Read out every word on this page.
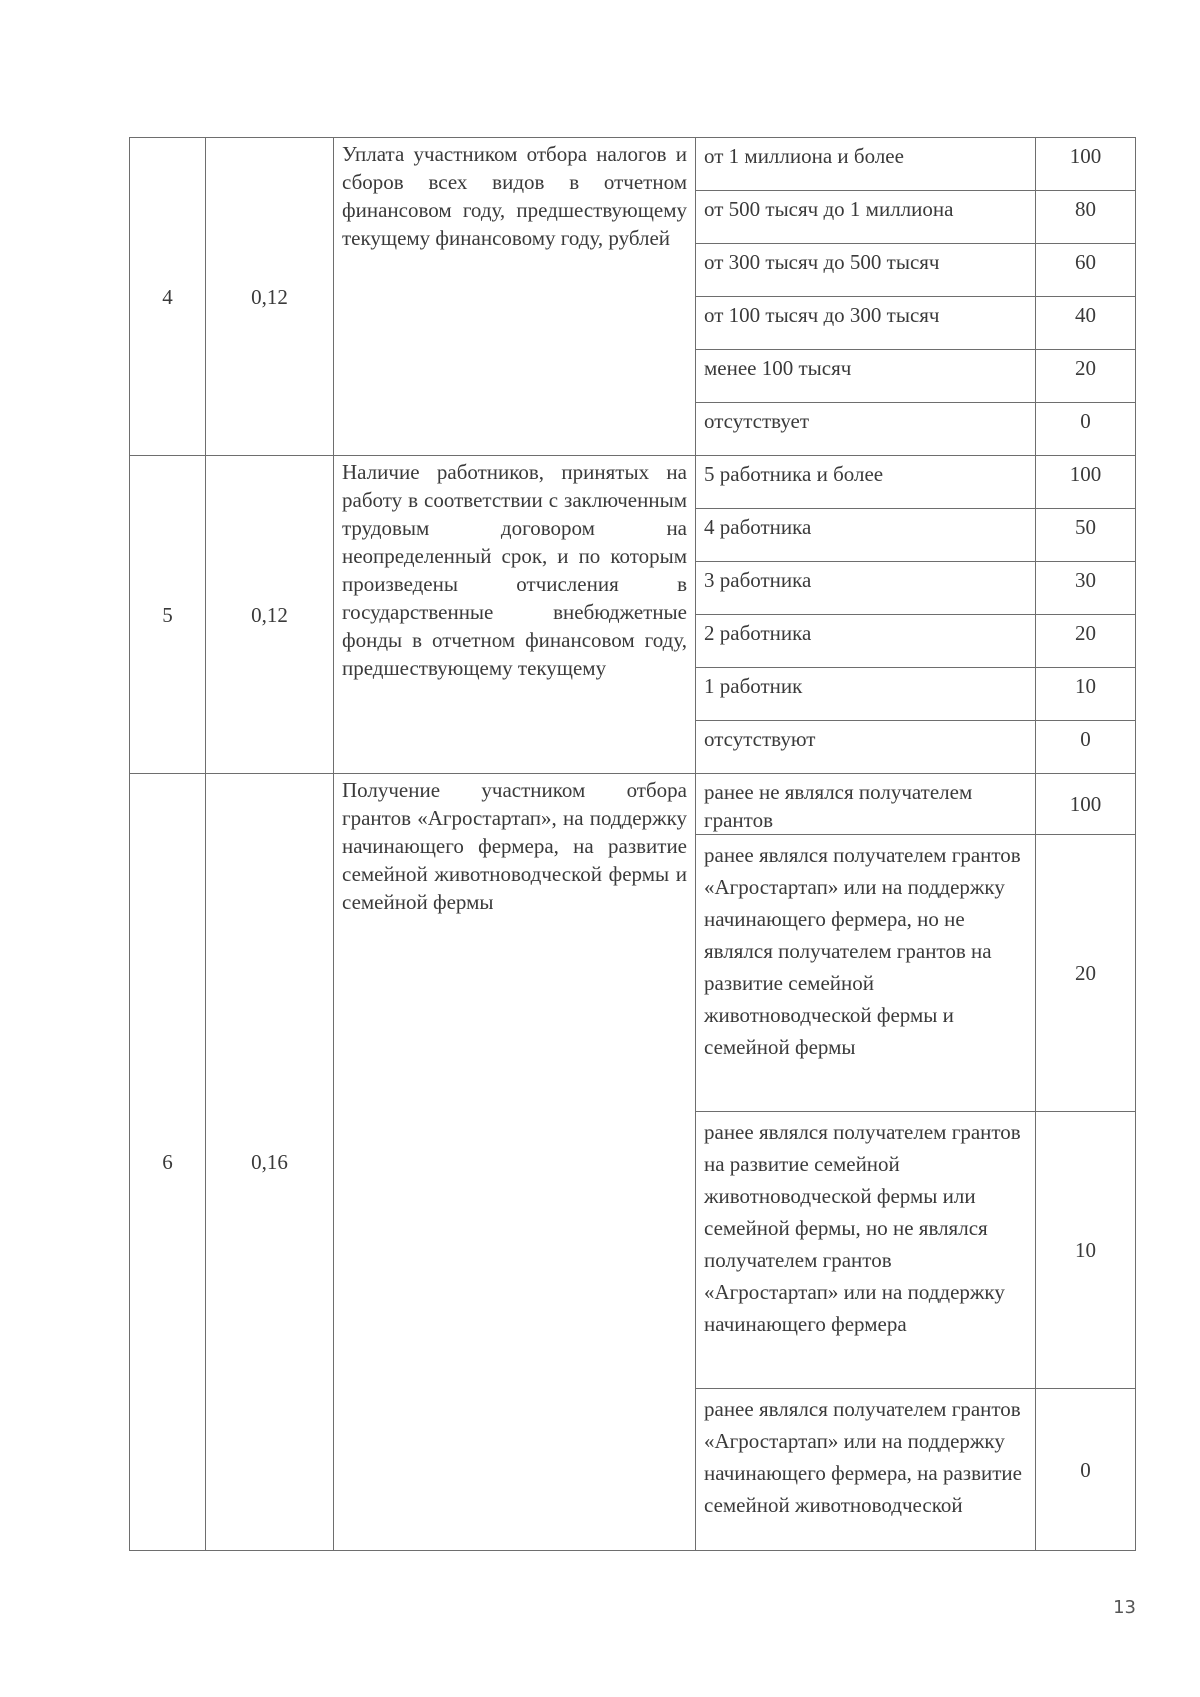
4	0,12	Уплата участником отбора налогов и сборов всех видов в отчетном финансовом году, предшествующему текущему финансовому году, рублей	от 1 миллиона и более	100
			от 500 тысяч до 1 миллиона	80
			от 300 тысяч до 500 тысяч	60
			от 100 тысяч до 300 тысяч	40
			менее 100 тысяч	20
			отсутствует	0
5	0,12	Наличие работников, принятых на работу в соответствии с заключенным трудовым договором на неопределенный срок, и по которым произведены отчисления в государственные внебюджетные фонды в отчетном финансовом году, предшествующему текущему	5 работника и более	100
			4 работника	50
			3 работника	30
			2 работника	20
			1 работник	10
			отсутствуют	0
6	0,16	Получение участником отбора грантов «Агростартап», на поддержку начинающего фермера, на развитие семейной животноводческой фермы и семейной фермы	ранее не являлся получателем грантов	100
			ранее являлся получателем грантов «Агростартап» или на поддержку начинающего фермера, но не являлся получателем грантов на развитие семейной животноводческой фермы и семейной фермы	20
			ранее являлся получателем грантов на развитие семейной животноводческой фермы или семейной фермы, но не являлся получателем грантов «Агростартап» или на поддержку начинающего фермера	10
			ранее являлся получателем грантов «Агростартап» или на поддержку начинающего фермера, на развитие семейной животноводческой	0
13
